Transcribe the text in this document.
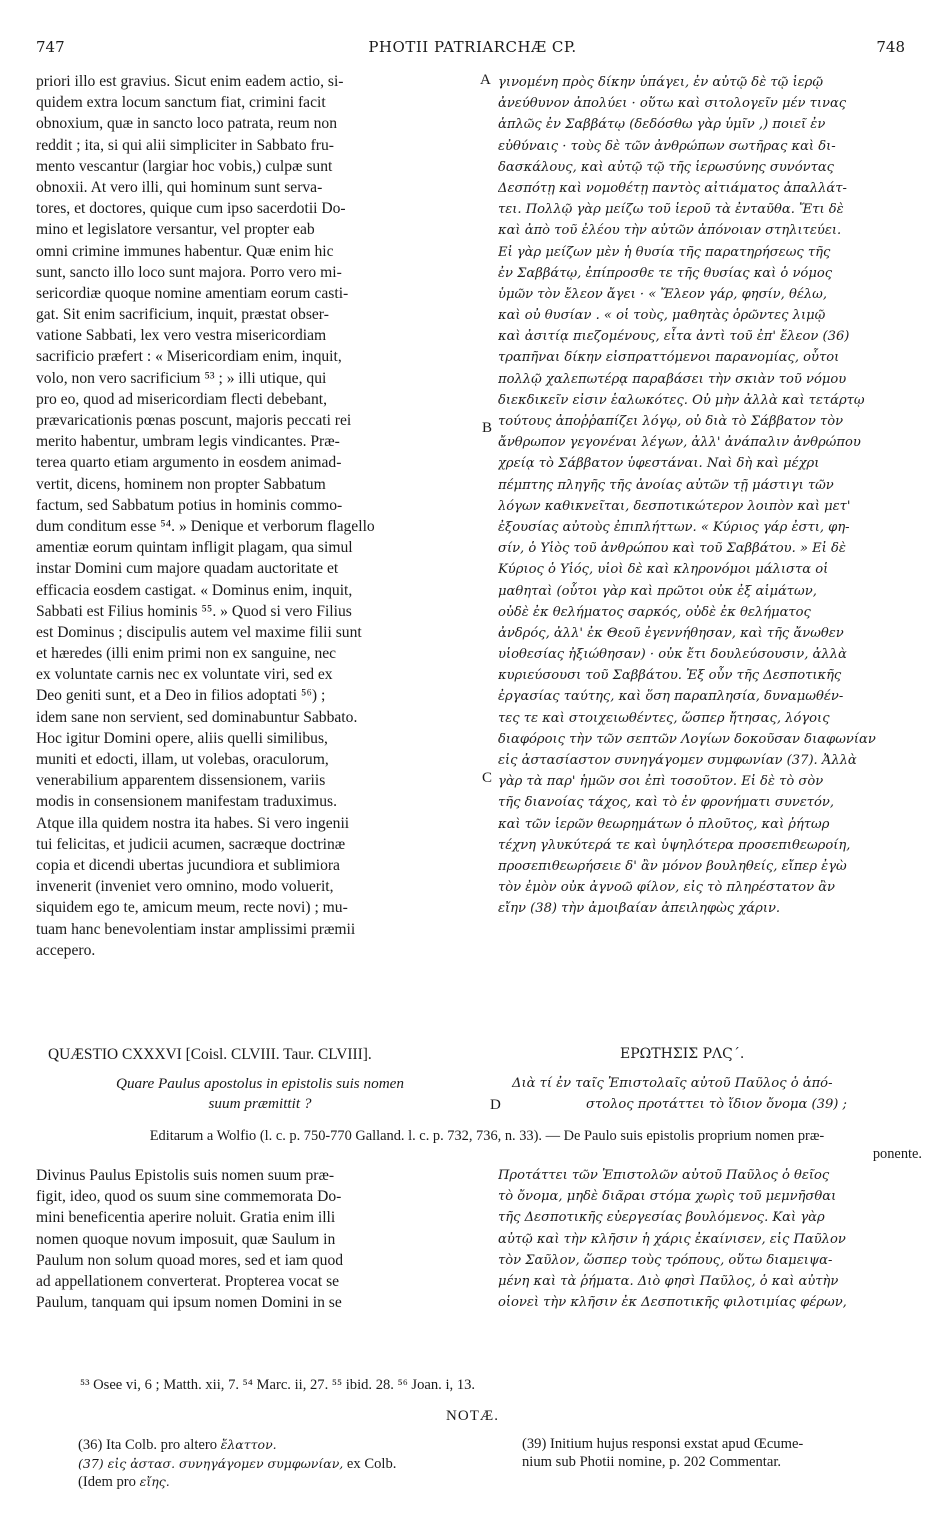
747	PHOTII PATRIARCHÆ CP.	748
priori illo est gravius. Sicut enim eadem actio, si-
quidem extra locum sanctum fiat, crimini facit
obnoxium, quæ in sancto loco patrata, reum non
reddit ; ita, si qui alii simpliciter in Sabbato fru-
mento vescantur (largiar hoc vobis,) culpæ sunt
obnoxii. At vero illi, qui hominum sunt serva-
tores, et doctores, quique cum ipso sacerdotii Do-
mino et legislatore versantur, vel propter eab
omni crimine immunes habentur. Quæ enim hic
sunt, sancto illo loco sunt majora. Porro vero mi-
sericordiæ quoque nomine amentiam eorum casti-
gat. Sit enim sacrificium, inquit, præstat obser-
vatione Sabbati, lex vero vestra misericordiam
sacrificio præfert : « Misericordiam enim, inquit,
volo, non vero sacrificium ⁵³ ; » illi utique, qui
pro eo, quod ad misericordiam flecti debebant,
prævaricationis pœnas poscunt, majoris peccati rei
merito habentur, umbram legis vindicantes. Præ-
terea quarto etiam argumento in eosdem animad-
vertit, dicens, hominem non propter Sabbatum
factum, sed Sabbatum potius in hominis commo-
dum conditum esse ⁵⁴. » Denique et verborum flagello
amentiæ eorum quintam infligit plagam, qua simul
instar Domini cum majore quadam auctoritate et
efficacia eosdem castigat. « Dominus enim, inquit,
Sabbati est Filius hominis ⁵⁵. » Quod si vero Filius
est Dominus ; discipulis autem vel maxime filii sunt
et hæredes (illi enim primi non ex sanguine, nec
ex voluntate carnis nec ex voluntate viri, sed ex
Deo geniti sunt, et a Deo in filios adoptati ⁵⁶) ;
idem sane non servient, sed dominabuntur Sabbato.
Hoc igitur Domini opere, aliis quelli similibus,
muniti et edocti, illam, ut volebas, oraculorum,
venerabilium apparentem dissensionem, variis
modis in consensionem manifestam traduximus.
Atque illa quidem nostra ita habes. Si vero ingenii
tui felicitas, et judicii acumen, sacræque doctrinæ
copia et dicendi ubertas jucundiora et sublimiora
invenerit (inveniet vero omnino, modo voluerit,
siquidem ego te, amicum meum, recte novi) ; mu-
tuam hanc benevolentiam instar amplissimi præmii
accepero.
γινομένη πρὸς δίκην ὑπάγει, ἐν αὐτῷ δὲ τῷ ἱερῷ
ἀνεύθυνον ἀπολύει · οὕτω καὶ σιτολογεῖν μέν τινας
ἁπλῶς ἐν Σαββάτῳ (δεδόσθω γὰρ ὑμῖν ,) ποιεῖ ἐν
εὐθύναις · τοὺς δὲ τῶν ἀνθρώπων σωτῆρας καὶ δι-
δασκάλους, καὶ αὐτῷ τῷ τῆς ἱερωσύνης συνόντας
Δεσπότῃ καὶ νομοθέτῃ παντὸς αἰτιάματος ἀπαλλάτ-
τει. Πολλῷ γὰρ μείζω τοῦ ἱεροῦ τὰ ἐνταῦθα. Ἔτι δὲ
καὶ ἀπὸ τοῦ ἐλέου τὴν αὐτῶν ἀπόνοιαν στηλιτεύει.
Εἰ γὰρ μείζων μὲν ἡ θυσία τῆς παρατηρήσεως τῆς
ἐν Σαββάτῳ, ἐπίπροσθε τε τῆς θυσίας καὶ ὁ νόμος
ὑμῶν τὸν ἔλεον ἄγει · « Ἔλεον γάρ, φησίν, θέλω,
καὶ οὐ θυσίαν . « οἱ τοὺς, μαθητὰς ὁρῶντες λιμῷ
καὶ ἀσιτίᾳ πιεζομένους, εἶτα ἀντὶ τοῦ ἐπ' ἔλεον (36)
τραπῆναι δίκην εἰσπραττόμενοι παρανομίας, οὗτοι
πολλῷ χαλεπωτέρᾳ παραβάσει τὴν σκιὰν τοῦ νόμου
διεκδικεῖν εἰσιν ἑαλωκότες. Οὐ μὴν ἀλλὰ καὶ τετάρτῳ
τούτους ἀποῤῥαπίζει λόγῳ, οὐ διὰ τὸ Σάββατον τὸν
ἄνθρωπον γεγονέναι λέγων, ἀλλ' ἀνάπαλιν ἀνθρώπου
χρείᾳ τὸ Σάββατον ὑφεστάναι. Ναὶ δὴ καὶ μέχρι
πέμπτης πληγῆς τῆς ἀνοίας αὐτῶν τῇ μάστιγι τῶν
λόγων καθικνεῖται, δεσποτικώτερον λοιπὸν καὶ μετ'
ἐξουσίας αὐτοὺς ἐπιπλήττων. « Κύριος γάρ ἐστι, φη-
σίν, ὁ Υἱὸς τοῦ ἀνθρώπου καὶ τοῦ Σαββάτου. » Εἰ δὲ
Κύριος ὁ Υἱός, υἱοὶ δὲ καὶ κληρονόμοι μάλιστα οἱ
μαθηταὶ (οὗτοι γὰρ καὶ πρῶτοι οὐκ ἐξ αἱμάτων,
οὐδὲ ἐκ θελήματος σαρκός, οὐδὲ ἐκ θελήματος
ἀνδρός, ἀλλ' ἐκ Θεοῦ ἐγεννήθησαν, καὶ τῆς ἄνωθεν
υἱοθεσίας ἠξιώθησαν) · οὐκ ἔτι δουλεύσουσιν, ἀλλὰ
κυριεύσουσι τοῦ Σαββάτου. Ἐξ οὖν τῆς Δεσποτικῆς
ἐργασίας ταύτης, καὶ ὅση παραπλησία, δυναμωθέν-
τες τε καὶ στοιχειωθέντες, ὥσπερ ἤτησας, λόγοις
διαφόροις τὴν τῶν σεπτῶν Λογίων δοκοῦσαν διαφωνίαν
εἰς ἀστασίαστον συνηγάγομεν συμφωνίαν (37). Ἀλλὰ
γὰρ τὰ παρ' ἡμῶν σοι ἐπὶ τοσοῦτον. Εἰ δὲ τὸ σὸν
τῆς διανοίας τάχος, καὶ τὸ ἐν φρονήματι συνετόν,
καὶ τῶν ἱερῶν θεωρημάτων ὁ πλοῦτος, καὶ ῥήτωρ
τέχνη γλυκύτερά τε καὶ ὑψηλότερα προσεπιθεωροίη,
προσεπιθεωρήσειε δ' ἂν μόνον βουληθείς, εἴπερ ἐγὼ
τὸν ἐμὸν οὐκ ἀγνοῶ φίλον, εἰς τὸ πληρέστατον ἂν
εἴην (38) τὴν ἀμοιβαίαν ἀπειληφὼς χάριν.
A
B
C
D
QUÆSTIO CXXXVI [Coisl. CLVIII. Taur. CLVIII].	ΕΡΩΤΗΣΙΣ ΡΛϚ΄.
Quare Paulus apostolus in epistolis suis nomen
suum præmittit ?
Διὰ τί ἐν ταῖς Ἐπιστολαῖς αὐτοῦ Παῦλος ὁ ἀπό-
στολος προτάττει τὸ ἴδιον ὄνομα (39) ;
Editarum a Wolfio (l. c. p. 750-770 Galland. l. c. p. 732, 736, n. 33). — De Paulo suis epistolis proprium nomen præ-
ponente.
Divinus Paulus Epistolis suis nomen suum præ-
figit, ideo, quod os suum sine commemorata Do-
mini beneficentia aperire noluit. Gratia enim illi
nomen quoque novum imposuit, quæ Saulum in
Paulum non solum quoad mores, sed et iam quod
ad appellationem converterat. Propterea vocat se
Paulum, tanquam qui ipsum nomen Domini in se
Προτάττει τῶν Ἐπιστολῶν αὐτοῦ Παῦλος ὁ θεῖος
τὸ ὄνομα, μηδὲ διᾶραι στόμα χωρὶς τοῦ μεμνῆσθαι
τῆς Δεσποτικῆς εὐεργεσίας βουλόμενος. Καὶ γὰρ
αὐτῷ καὶ τὴν κλῆσιν ἡ χάρις ἐκαίνισεν, εἰς Παῦλον
τὸν Σαῦλον, ὥσπερ τοὺς τρόπους, οὕτω διαμειψα-
μένη καὶ τὰ ῥήματα. Διὸ φησὶ Παῦλος, ὁ καὶ αὐτὴν
οἱονεὶ τὴν κλῆσιν ἐκ Δεσποτικῆς φιλοτιμίας φέρων,
⁵³ Osee vi, 6 ; Matth. xii, 7. ⁵⁴ Marc. ii, 27. ⁵⁵ ibid. 28. ⁵⁶ Joan. i, 13.
NOTÆ.
(36) Ita Colb. pro altero ἔλαττον.
(37) εἰς ἀστασ. συνηγάγομεν συμφωνίαν, ex Colb.
(Idem pro εἴης.
(39) Initium hujus responsi exstat apud Œcume-
nium sub Photii nomine, p. 202 Commentar.
